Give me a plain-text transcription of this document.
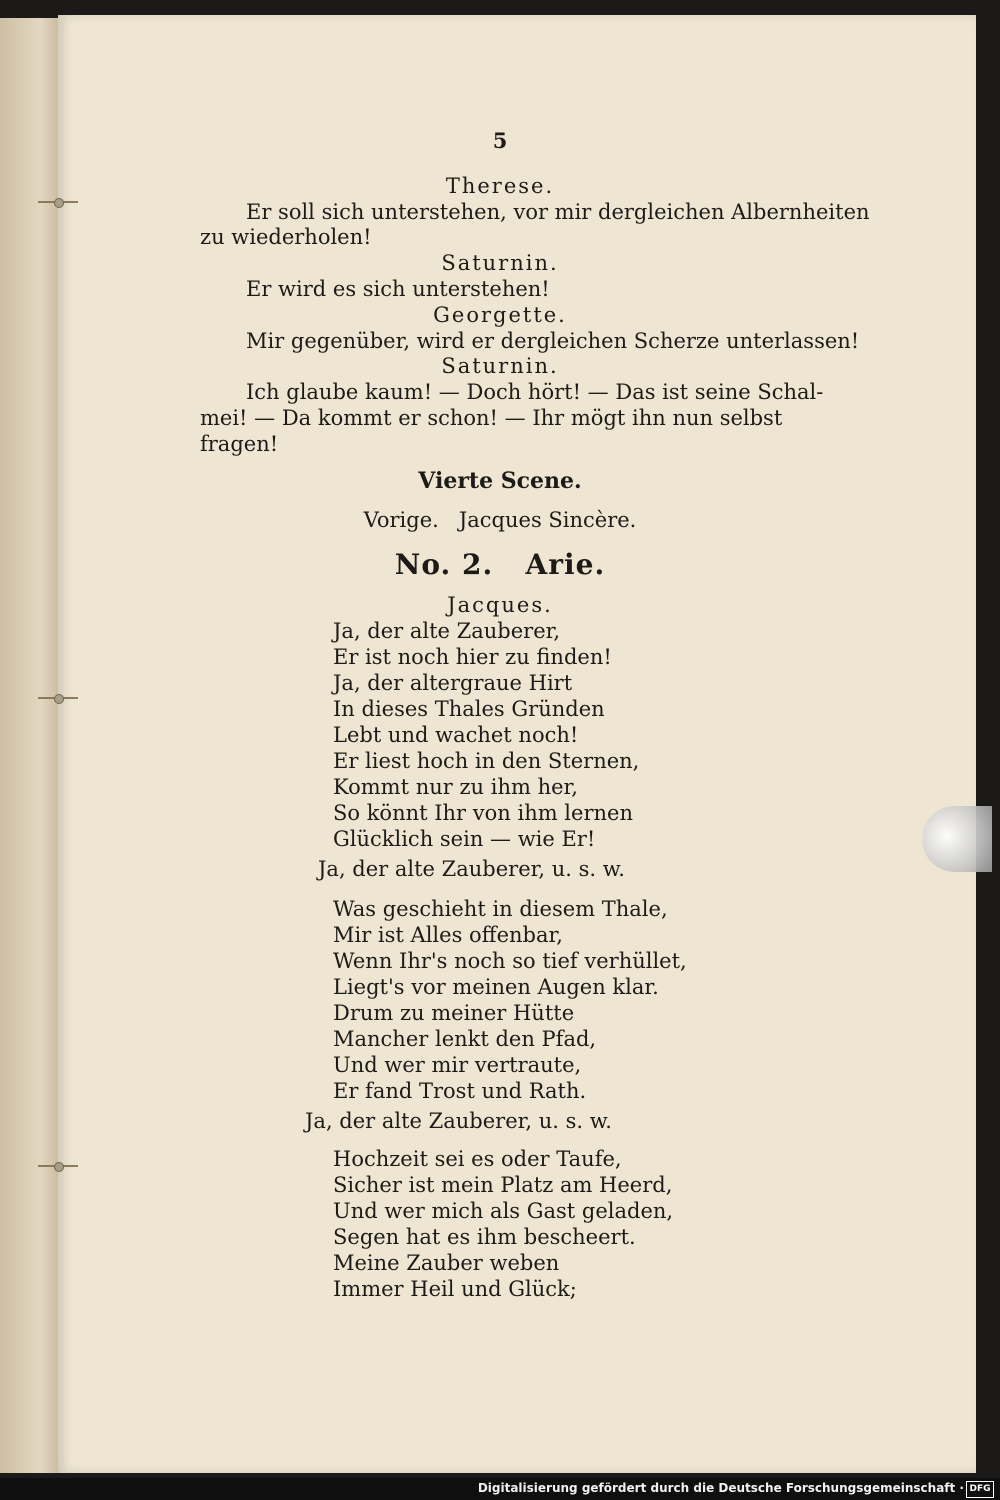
5
Therese.
Er soll sich unterstehen, vor mir dergleichen Albernheiten
zu wiederholen!
Saturnin.
Er wird es sich unterstehen!
Georgette.
Mir gegenüber, wird er dergleichen Scherze unterlassen!
Saturnin.
Ich glaube kaum! — Doch hört! — Das ist seine Schal-
mei! — Da kommt er schon! — Ihr mögt ihn nun selbst
fragen!
Vierte Scene.
Vorige.   Jacques Sincère.
No. 2.   Arie.
Jacques.
Ja, der alte Zauberer,
Er ist noch hier zu finden!
Ja, der altergraue Hirt
In dieses Thales Gründen
Lebt und wachet noch!
Er liest hoch in den Sternen,
Kommt nur zu ihm her,
So könnt Ihr von ihm lernen
Glücklich sein — wie Er!
Ja, der alte Zauberer, u. s. w.
Was geschieht in diesem Thale,
Mir ist Alles offenbar,
Wenn Ihr's noch so tief verhüllet,
Liegt's vor meinen Augen klar.
Drum zu meiner Hütte
Mancher lenkt den Pfad,
Und wer mir vertraute,
Er fand Trost und Rath.
Ja, der alte Zauberer, u. s. w.
Hochzeit sei es oder Taufe,
Sicher ist mein Platz am Heerd,
Und wer mich als Gast geladen,
Segen hat es ihm bescheert.
Meine Zauber weben
Immer Heil und Glück;
Digitalisierung gefördert durch die Deutsche Forschungsgemeinschaft · DFG
